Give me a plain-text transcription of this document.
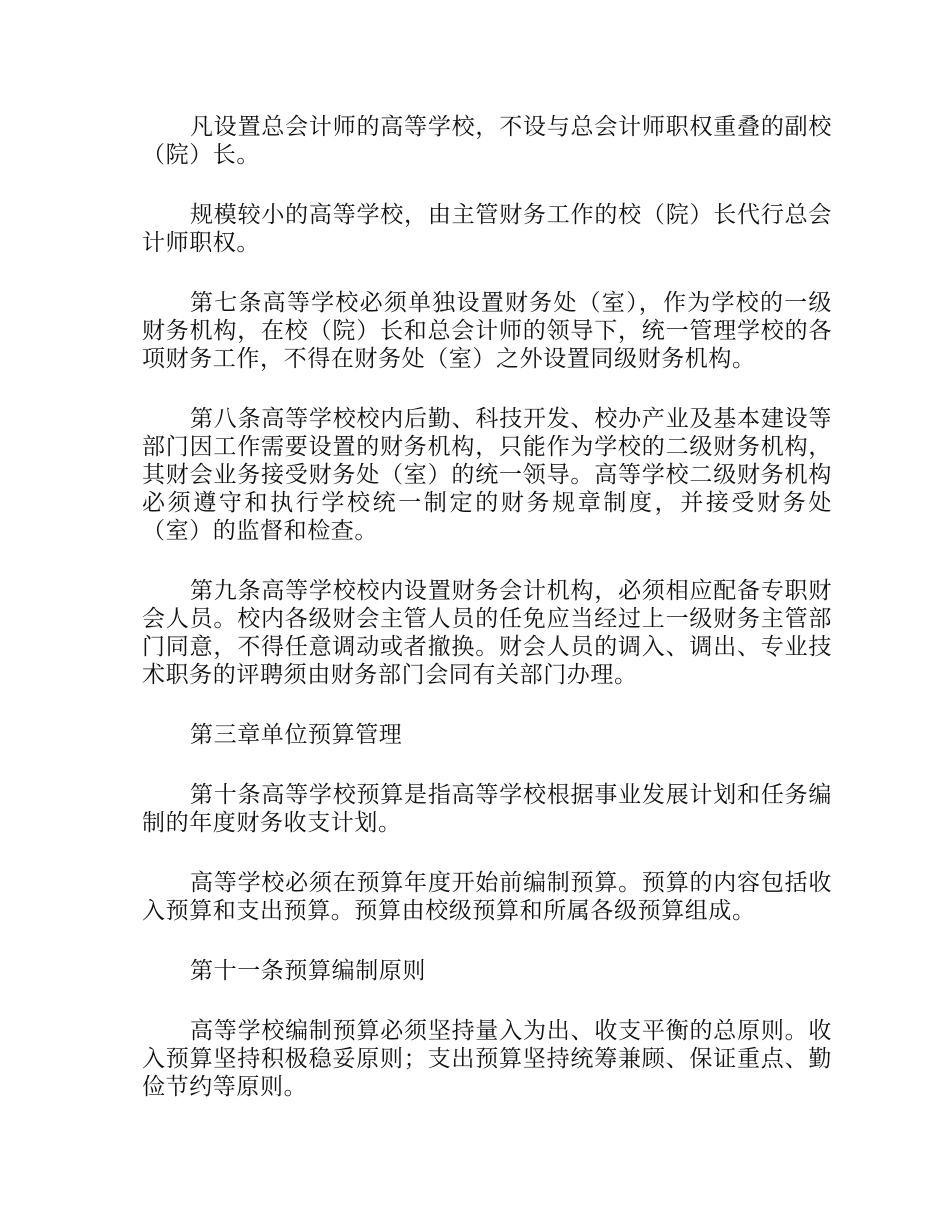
凡设置总会计师的高等学校，不设与总会计师职权重叠的副校（院）长。

规模较小的高等学校，由主管财务工作的校（院）长代行总会计师职权。

第七条高等学校必须单独设置财务处（室），作为学校的一级财务机构，在校（院）长和总会计师的领导下，统一管理学校的各项财务工作，不得在财务处（室）之外设置同级财务机构。

第八条高等学校校内后勤、科技开发、校办产业及基本建设等部门因工作需要设置的财务机构，只能作为学校的二级财务机构，其财会业务接受财务处（室）的统一领导。高等学校二级财务机构必须遵守和执行学校统一制定的财务规章制度，并接受财务处（室）的监督和检查。

第九条高等学校校内设置财务会计机构，必须相应配备专职财会人员。校内各级财会主管人员的任免应当经过上一级财务主管部门同意，不得任意调动或者撤换。财会人员的调入、调出、专业技术职务的评聘须由财务部门会同有关部门办理。

第三章单位预算管理

第十条高等学校预算是指高等学校根据事业发展计划和任务编制的年度财务收支计划。

高等学校必须在预算年度开始前编制预算。预算的内容包括收入预算和支出预算。预算由校级预算和所属各级预算组成。

第十一条预算编制原则

高等学校编制预算必须坚持量入为出、收支平衡的总原则。收入预算坚持积极稳妥原则；支出预算坚持统筹兼顾、保证重点、勤俭节约等原则。
